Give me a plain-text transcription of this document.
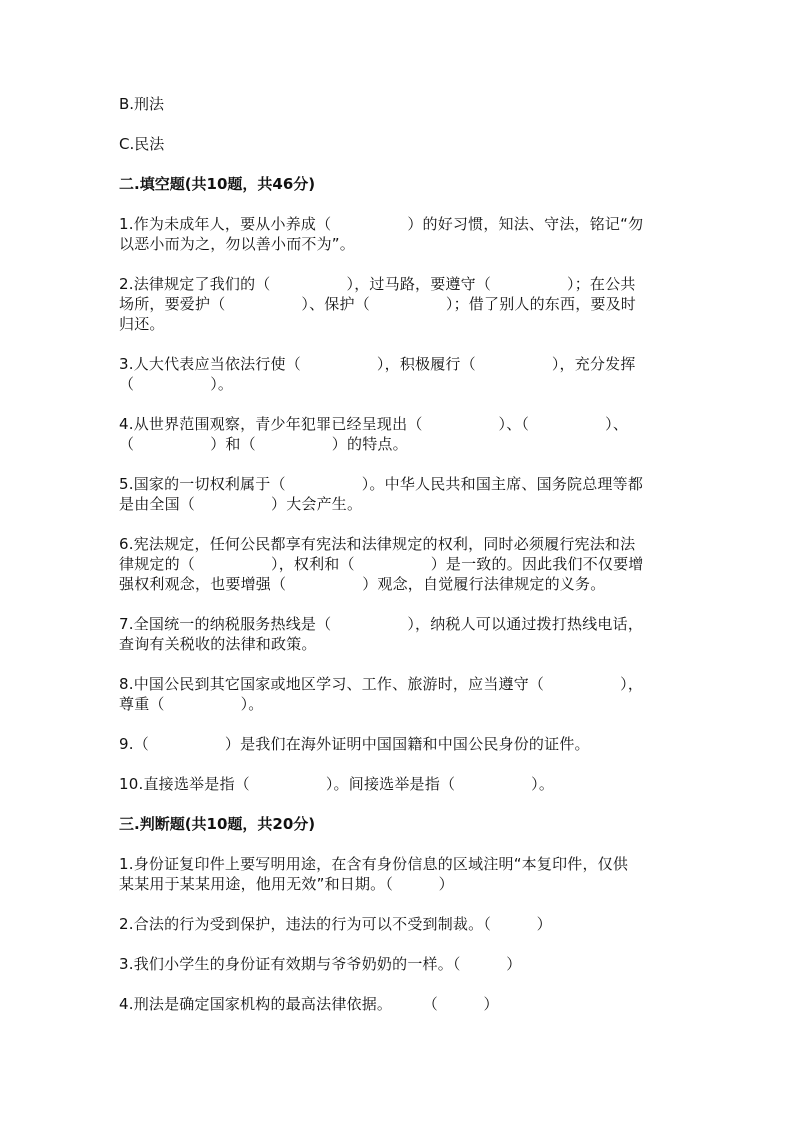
B.刑法

C.民法

二.填空题(共10题，共46分)

1.作为未成年人，要从小养成（　　　　　）的好习惯，知法、守法，铭记“勿

以恶小而为之，勿以善小而不为”。

2.法律规定了我们的（　　　　　），过马路，要遵守（　　　　　）；在公共

场所，要爱护（　　　　　）、保护（　　　　　）；借了别人的东西，要及时

归还。

3.人大代表应当依法行使（　　　　　），积极履行（　　　　　），充分发挥

（　　　　　）。

4.从世界范围观察，青少年犯罪已经呈现出（　　　　　）、（　　　　　）、

（　　　　　）和（　　　　　）的特点。

5.国家的一切权利属于（　　　　　）。中华人民共和国主席、国务院总理等都

是由全国（　　　　　）大会产生。

6.宪法规定，任何公民都享有宪法和法律规定的权利，同时必须履行宪法和法

律规定的（　　　　　），权利和（　　　　　）是一致的。因此我们不仅要增

强权利观念，也要增强（　　　　　）观念，自觉履行法律规定的义务。

7.全国统一的纳税服务热线是（　　　　　），纳税人可以通过拨打热线电话，

查询有关税收的法律和政策。

8.中国公民到其它国家或地区学习、工作、旅游时，应当遵守（　　　　　），

尊重（　　　　　）。

9.（　　　　　）是我们在海外证明中国国籍和中国公民身份的证件。

10.直接选举是指（　　　　　）。间接选举是指（　　　　　）。

三.判断题(共10题，共20分)

1.身份证复印件上要写明用途，在含有身份信息的区域注明“本复印件，仅供

某某用于某某用途，他用无效”和日期。（　　　）

2.合法的行为受到保护，违法的行为可以不受到制裁。（　　　）

3.我们小学生的身份证有效期与爷爷奶奶的一样。（　　　）

4.刑法是确定国家机构的最高法律依据。　　　（　　　）
